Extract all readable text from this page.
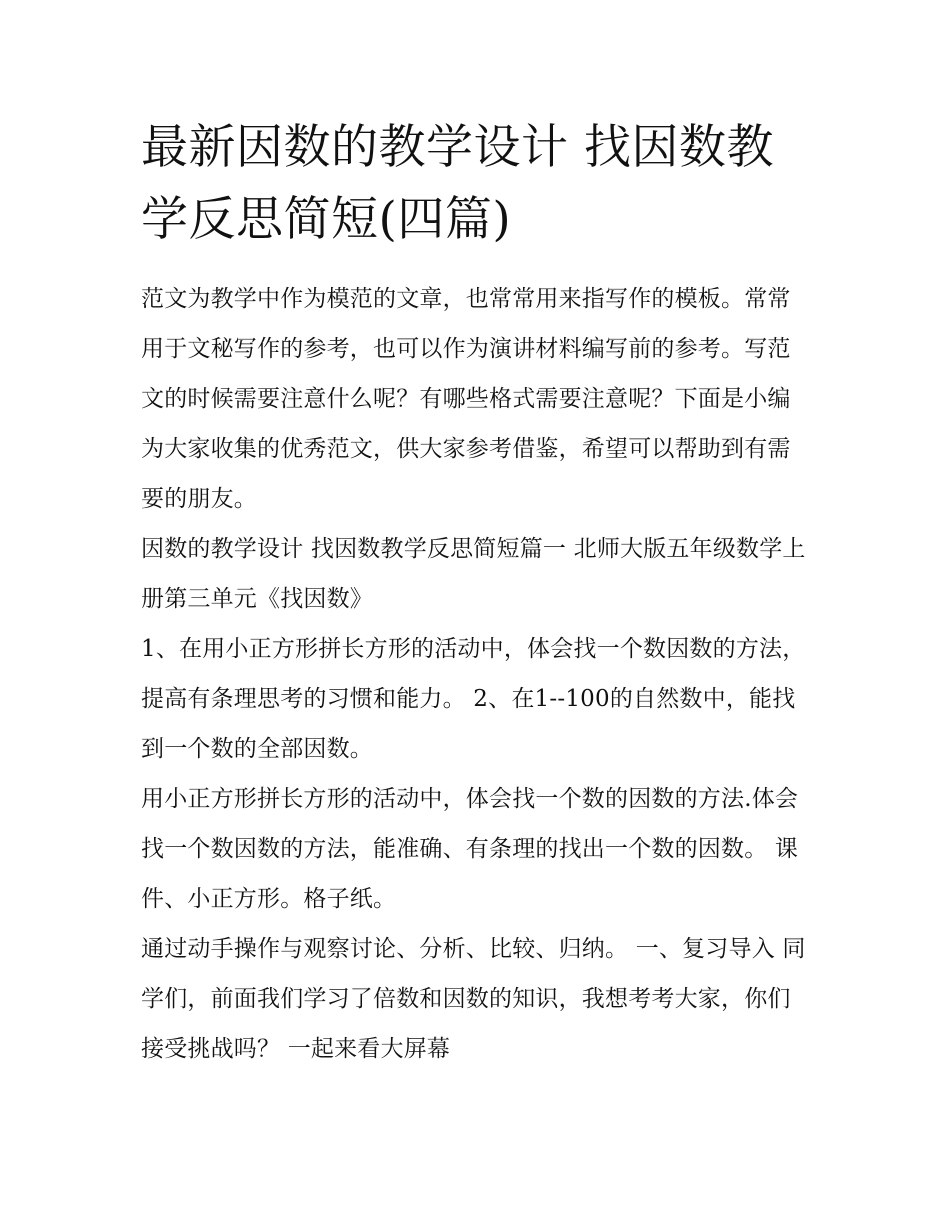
最新因数的教学设计 找因数教学反思简短(四篇)

范文为教学中作为模范的文章，也常常用来指写作的模板。常常用于文秘写作的参考，也可以作为演讲材料编写前的参考。写范文的时候需要注意什么呢？有哪些格式需要注意呢？下面是小编为大家收集的优秀范文，供大家参考借鉴，希望可以帮助到有需要的朋友。

因数的教学设计 找因数教学反思简短篇一 北师大版五年级数学上册第三单元《找因数》

1、在用小正方形拼长方形的活动中，体会找一个数因数的方法，提高有条理思考的习惯和能力。 2、在1--100的自然数中，能找到一个数的全部因数。

用小正方形拼长方形的活动中，体会找一个数的因数的方法.体会找一个数因数的方法，能准确、有条理的找出一个数的因数。 课件、小正方形。格子纸。

通过动手操作与观察讨论、分析、比较、归纳。 一、复习导入 同学们，前面我们学习了倍数和因数的知识，我想考考大家，你们接受挑战吗？ 一起来看大屏幕
